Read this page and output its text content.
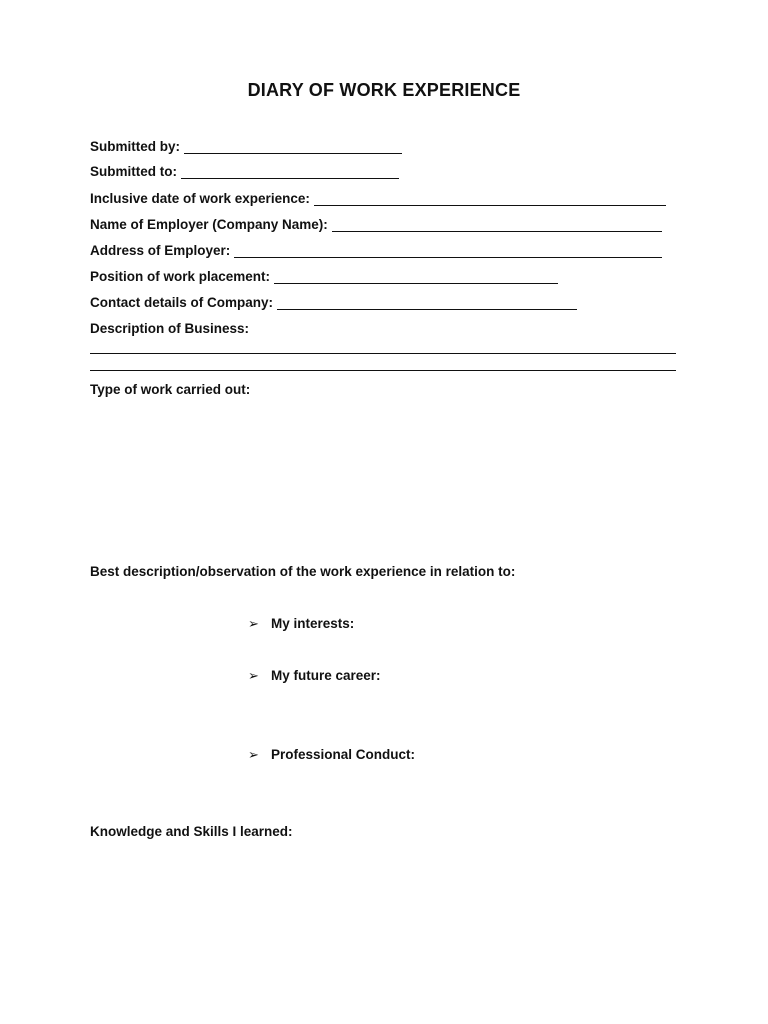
DIARY OF WORK EXPERIENCE
Submitted by:
Submitted to:
Inclusive date of work experience:
Name of Employer (Company Name):
Address of Employer:
Position of work placement:
Contact details of Company:
Description of Business:
Type of work carried out:
Best description/observation of the work experience in relation to:
➢ My interests:
➢ My future career:
➢ Professional Conduct:
Knowledge and Skills I learned:
